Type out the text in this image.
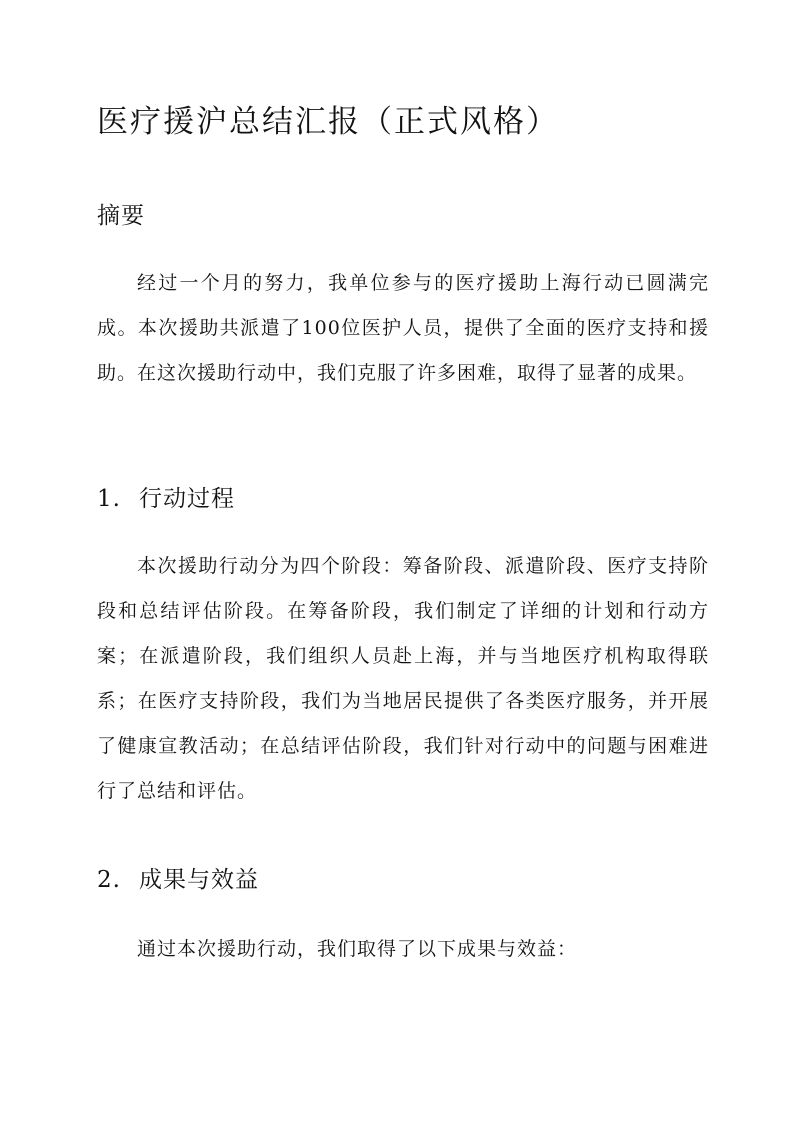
医疗援沪总结汇报（正式风格）
摘要

经过一个月的努力，我单位参与的医疗援助上海行动已圆满完成。本次援助共派遣了100位医护人员，提供了全面的医疗支持和援助。在这次援助行动中，我们克服了许多困难，取得了显著的成果。

1. 行动过程

本次援助行动分为四个阶段：筹备阶段、派遣阶段、医疗支持阶段和总结评估阶段。在筹备阶段，我们制定了详细的计划和行动方案；在派遣阶段，我们组织人员赴上海，并与当地医疗机构取得联系；在医疗支持阶段，我们为当地居民提供了各类医疗服务，并开展了健康宣教活动；在总结评估阶段，我们针对行动中的问题与困难进行了总结和评估。

2. 成果与效益

通过本次援助行动，我们取得了以下成果与效益：
